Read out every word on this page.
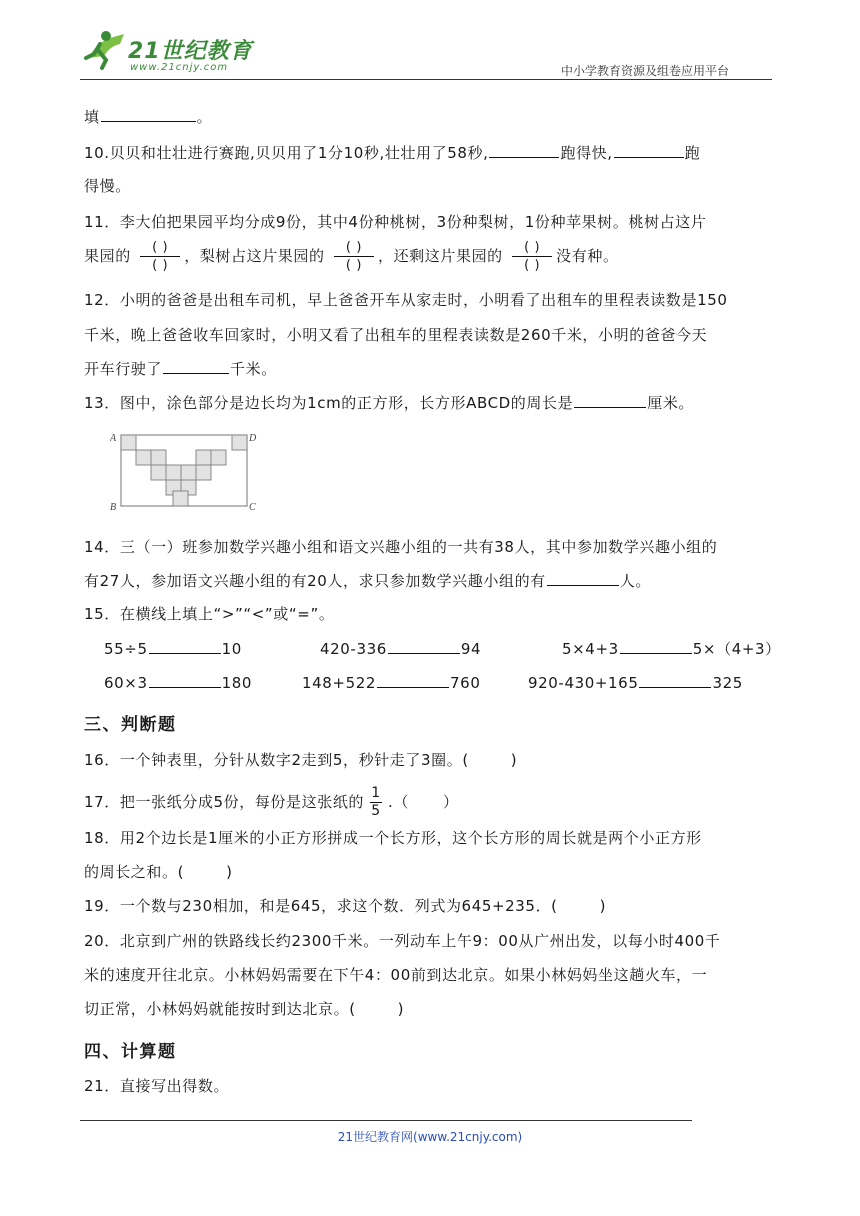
21世纪教育
www.21cnjy.com	中小学教育资源及组卷应用平台
填	。
10.贝贝和壮壮进行赛跑,贝贝用了1分10秒,壮壮用了58秒,	跑得快,	跑
得慢。
11．李大伯把果园平均分成9份，其中4份种桃树，3份种梨树，1份种苹果树。桃树占这片
果园的 $\frac{( )}{( )}$ ，梨树占这片果园的 $\frac{( )}{( )}$ ，还剩这片果园的 $\frac{( )}{( )}$ 没有种。
12．小明的爸爸是出租车司机，早上爸爸开车从家走时，小明看了出租车的里程表读数是150
千米，晚上爸爸收车回家时，小明又看了出租车的里程表读数是260千米，小明的爸爸今天
开车行驶了	千米。
13．图中，涂色部分是边长均为1cm的正方形，长方形ABCD的周长是	厘米。
A	D
B	C
14．三（一）班参加数学兴趣小组和语文兴趣小组的一共有38人，其中参加数学兴趣小组的
有27人，参加语文兴趣小组的有20人，求只参加数学兴趣小组的有	人。
15．在横线上填上“>”“<”或“=”。
55÷5	10	420-336	94	5×4+3	5×（4+3）
60×3	180	148+522	760	920-430+165	325
三、判断题
16．一个钟表里，分针从数字2走到5，秒针走了3圈。(	)
17．把一张纸分成5份，每份是这张纸的 $\frac{1}{5}$ .（ ）
18．用2个边长是1厘米的小正方形拼成一个长方形，这个长方形的周长就是两个小正方形
的周长之和。(	)
19．一个数与230相加，和是645，求这个数．列式为645+235．(	)
20．北京到广州的铁路线长约2300千米。一列动车上午9：00从广州出发，以每小时400千
米的速度开往北京。小林妈妈需要在下午4：00前到达北京。如果小林妈妈坐这趟火车，一
切正常，小林妈妈就能按时到达北京。(	)
四、计算题
21．直接写出得数。
21世纪教育网(www.21cnjy.com)
